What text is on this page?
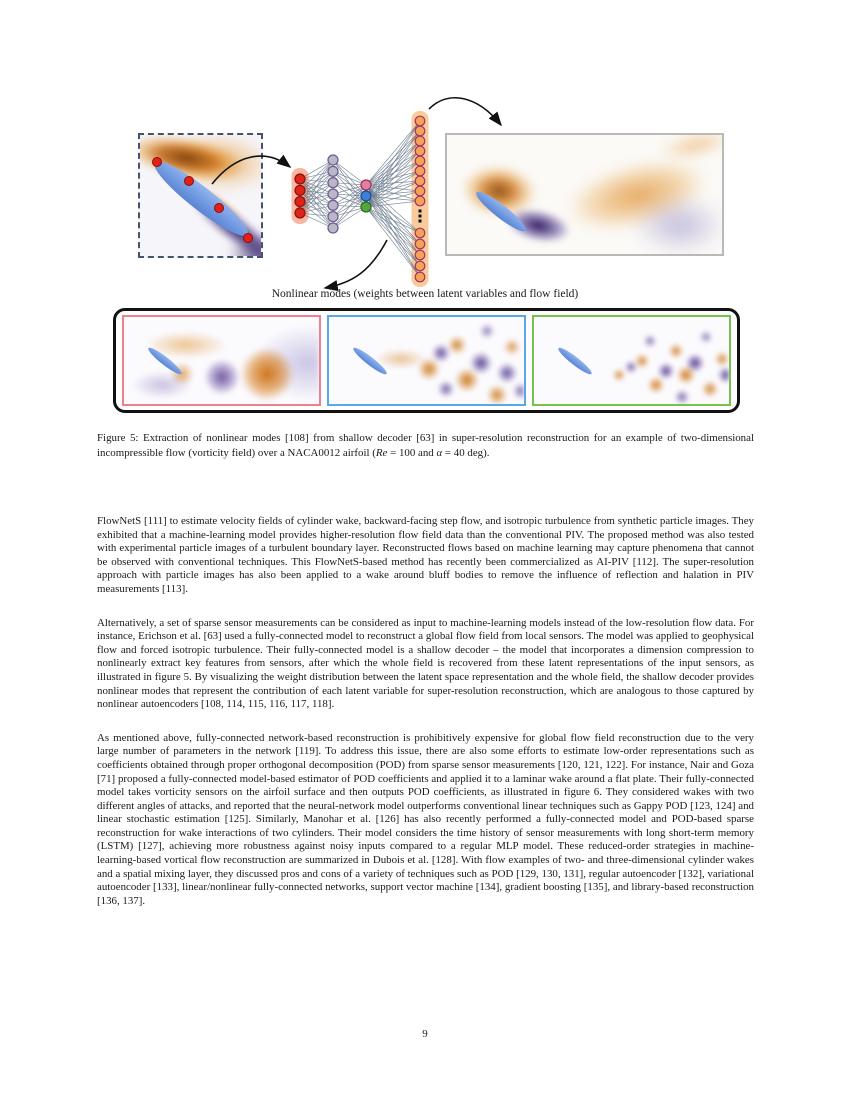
Nonlinear modes (weights between latent variables and flow field)
Figure 5: Extraction of nonlinear modes [108] from shallow decoder [63] in super-resolution reconstruction for an example of two-dimensional incompressible flow (vorticity field) over a NACA0012 airfoil (Re = 100 and α = 40 deg).

FlowNetS [111] to estimate velocity fields of cylinder wake, backward-facing step flow, and isotropic turbulence from synthetic particle images. They exhibited that a machine-learning model provides higher-resolution flow field data than the conventional PIV. The proposed method was also tested with experimental particle images of a turbulent boundary layer. Reconstructed flows based on machine learning may capture phenomena that cannot be observed with conventional techniques. This FlowNetS-based method has recently been commercialized as AI-PIV [112]. The super-resolution approach with particle images has also been applied to a wake around bluff bodies to remove the influence of reflection and halation in PIV measurements [113].

Alternatively, a set of sparse sensor measurements can be considered as input to machine-learning models instead of the low-resolution flow data. For instance, Erichson et al. [63] used a fully-connected model to reconstruct a global flow field from local sensors. The model was applied to geophysical flow and forced isotropic turbulence. Their fully-connected model is a shallow decoder – the model that incorporates a dimension compression to nonlinearly extract key features from sensors, after which the whole field is recovered from these latent representations of the input sensors, as illustrated in figure 5. By visualizing the weight distribution between the latent space representation and the whole field, the shallow decoder provides nonlinear modes that represent the contribution of each latent variable for super-resolution reconstruction, which are analogous to those captured by nonlinear autoencoders [108, 114, 115, 116, 117, 118].

As mentioned above, fully-connected network-based reconstruction is prohibitively expensive for global flow field reconstruction due to the very large number of parameters in the network [119]. To address this issue, there are also some efforts to estimate low-order representations such as coefficients obtained through proper orthogonal decomposition (POD) from sparse sensor measurements [120, 121, 122]. For instance, Nair and Goza [71] proposed a fully-connected model-based estimator of POD coefficients and applied it to a laminar wake around a flat plate. Their fully-connected model takes vorticity sensors on the airfoil surface and then outputs POD coefficients, as illustrated in figure 6. They considered wakes with two different angles of attacks, and reported that the neural-network model outperforms conventional linear techniques such as Gappy POD [123, 124] and linear stochastic estimation [125]. Similarly, Manohar et al. [126] has also recently performed a fully-connected model and POD-based sparse reconstruction for wake interactions of two cylinders. Their model considers the time history of sensor measurements with long short-term memory (LSTM) [127], achieving more robustness against noisy inputs compared to a regular MLP model. These reduced-order strategies in machine-learning-based vortical flow reconstruction are summarized in Dubois et al. [128]. With flow examples of two- and three-dimensional cylinder wakes and a spatial mixing layer, they discussed pros and cons of a variety of techniques such as POD [129, 130, 131], regular autoencoder [132], variational autoencoder [133], linear/nonlinear fully-connected networks, support vector machine [134], gradient boosting [135], and library-based reconstruction [136, 137].

9
